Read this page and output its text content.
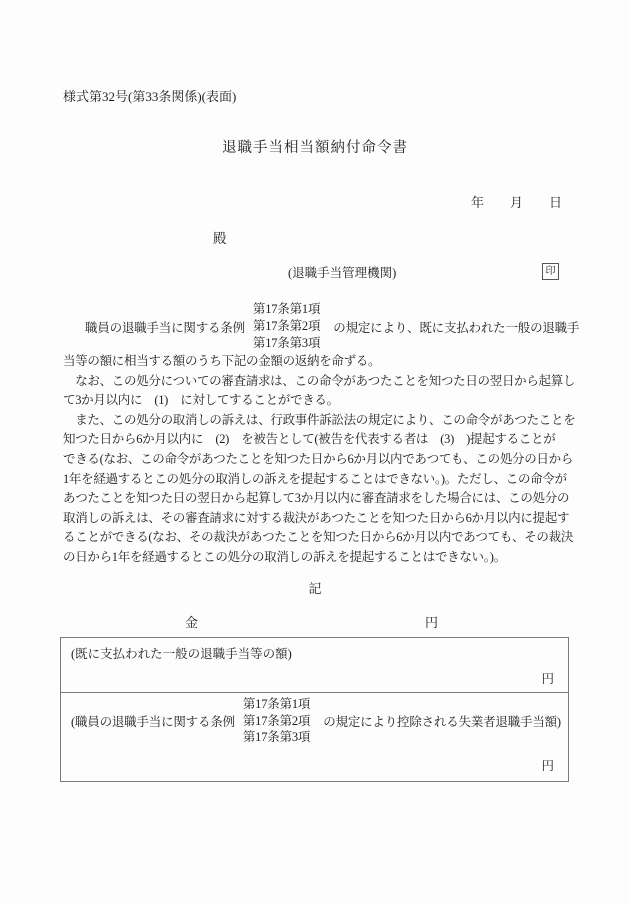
様式第32号(第33条関係)(表面)
退職手当相当額納付命令書
年　　月　　日
殿
(退職手当管理機関)	印
職員の退職手当に関する条例
第17条第1項
第17条第2項
第17条第3項
の規定により、既に支払われた一般の退職手
当等の額に相当する額のうち下記の金額の返納を命ずる。
　なお、この処分についての審査請求は、この命令があつたことを知つた日の翌日から起算し
て3か月以内に　(1)　に対してすることができる。
　また、この処分の取消しの訴えは、行政事件訴訟法の規定により、この命令があつたことを
知つた日から6か月以内に　(2)　を被告として(被告を代表する者は　(3)　)提起することが
できる(なお、この命令があつたことを知つた日から6か月以内であつても、この処分の日から
1年を経過するとこの処分の取消しの訴えを提起することはできない。)。ただし、この命令が
あつたことを知つた日の翌日から起算して3か月以内に審査請求をした場合には、この処分の
取消しの訴えは、その審査請求に対する裁決があつたことを知つた日から6か月以内に提起す
ることができる(なお、その裁決があつたことを知つた日から6か月以内であつても、その裁決
の日から1年を経過するとこの処分の取消しの訴えを提起することはできない。)。
記
金	円
(既に支払われた一般の退職手当等の額)
円
(職員の退職手当に関する条例
第17条第1項
第17条第2項
第17条第3項
の規定により控除される失業者退職手当額)
円
